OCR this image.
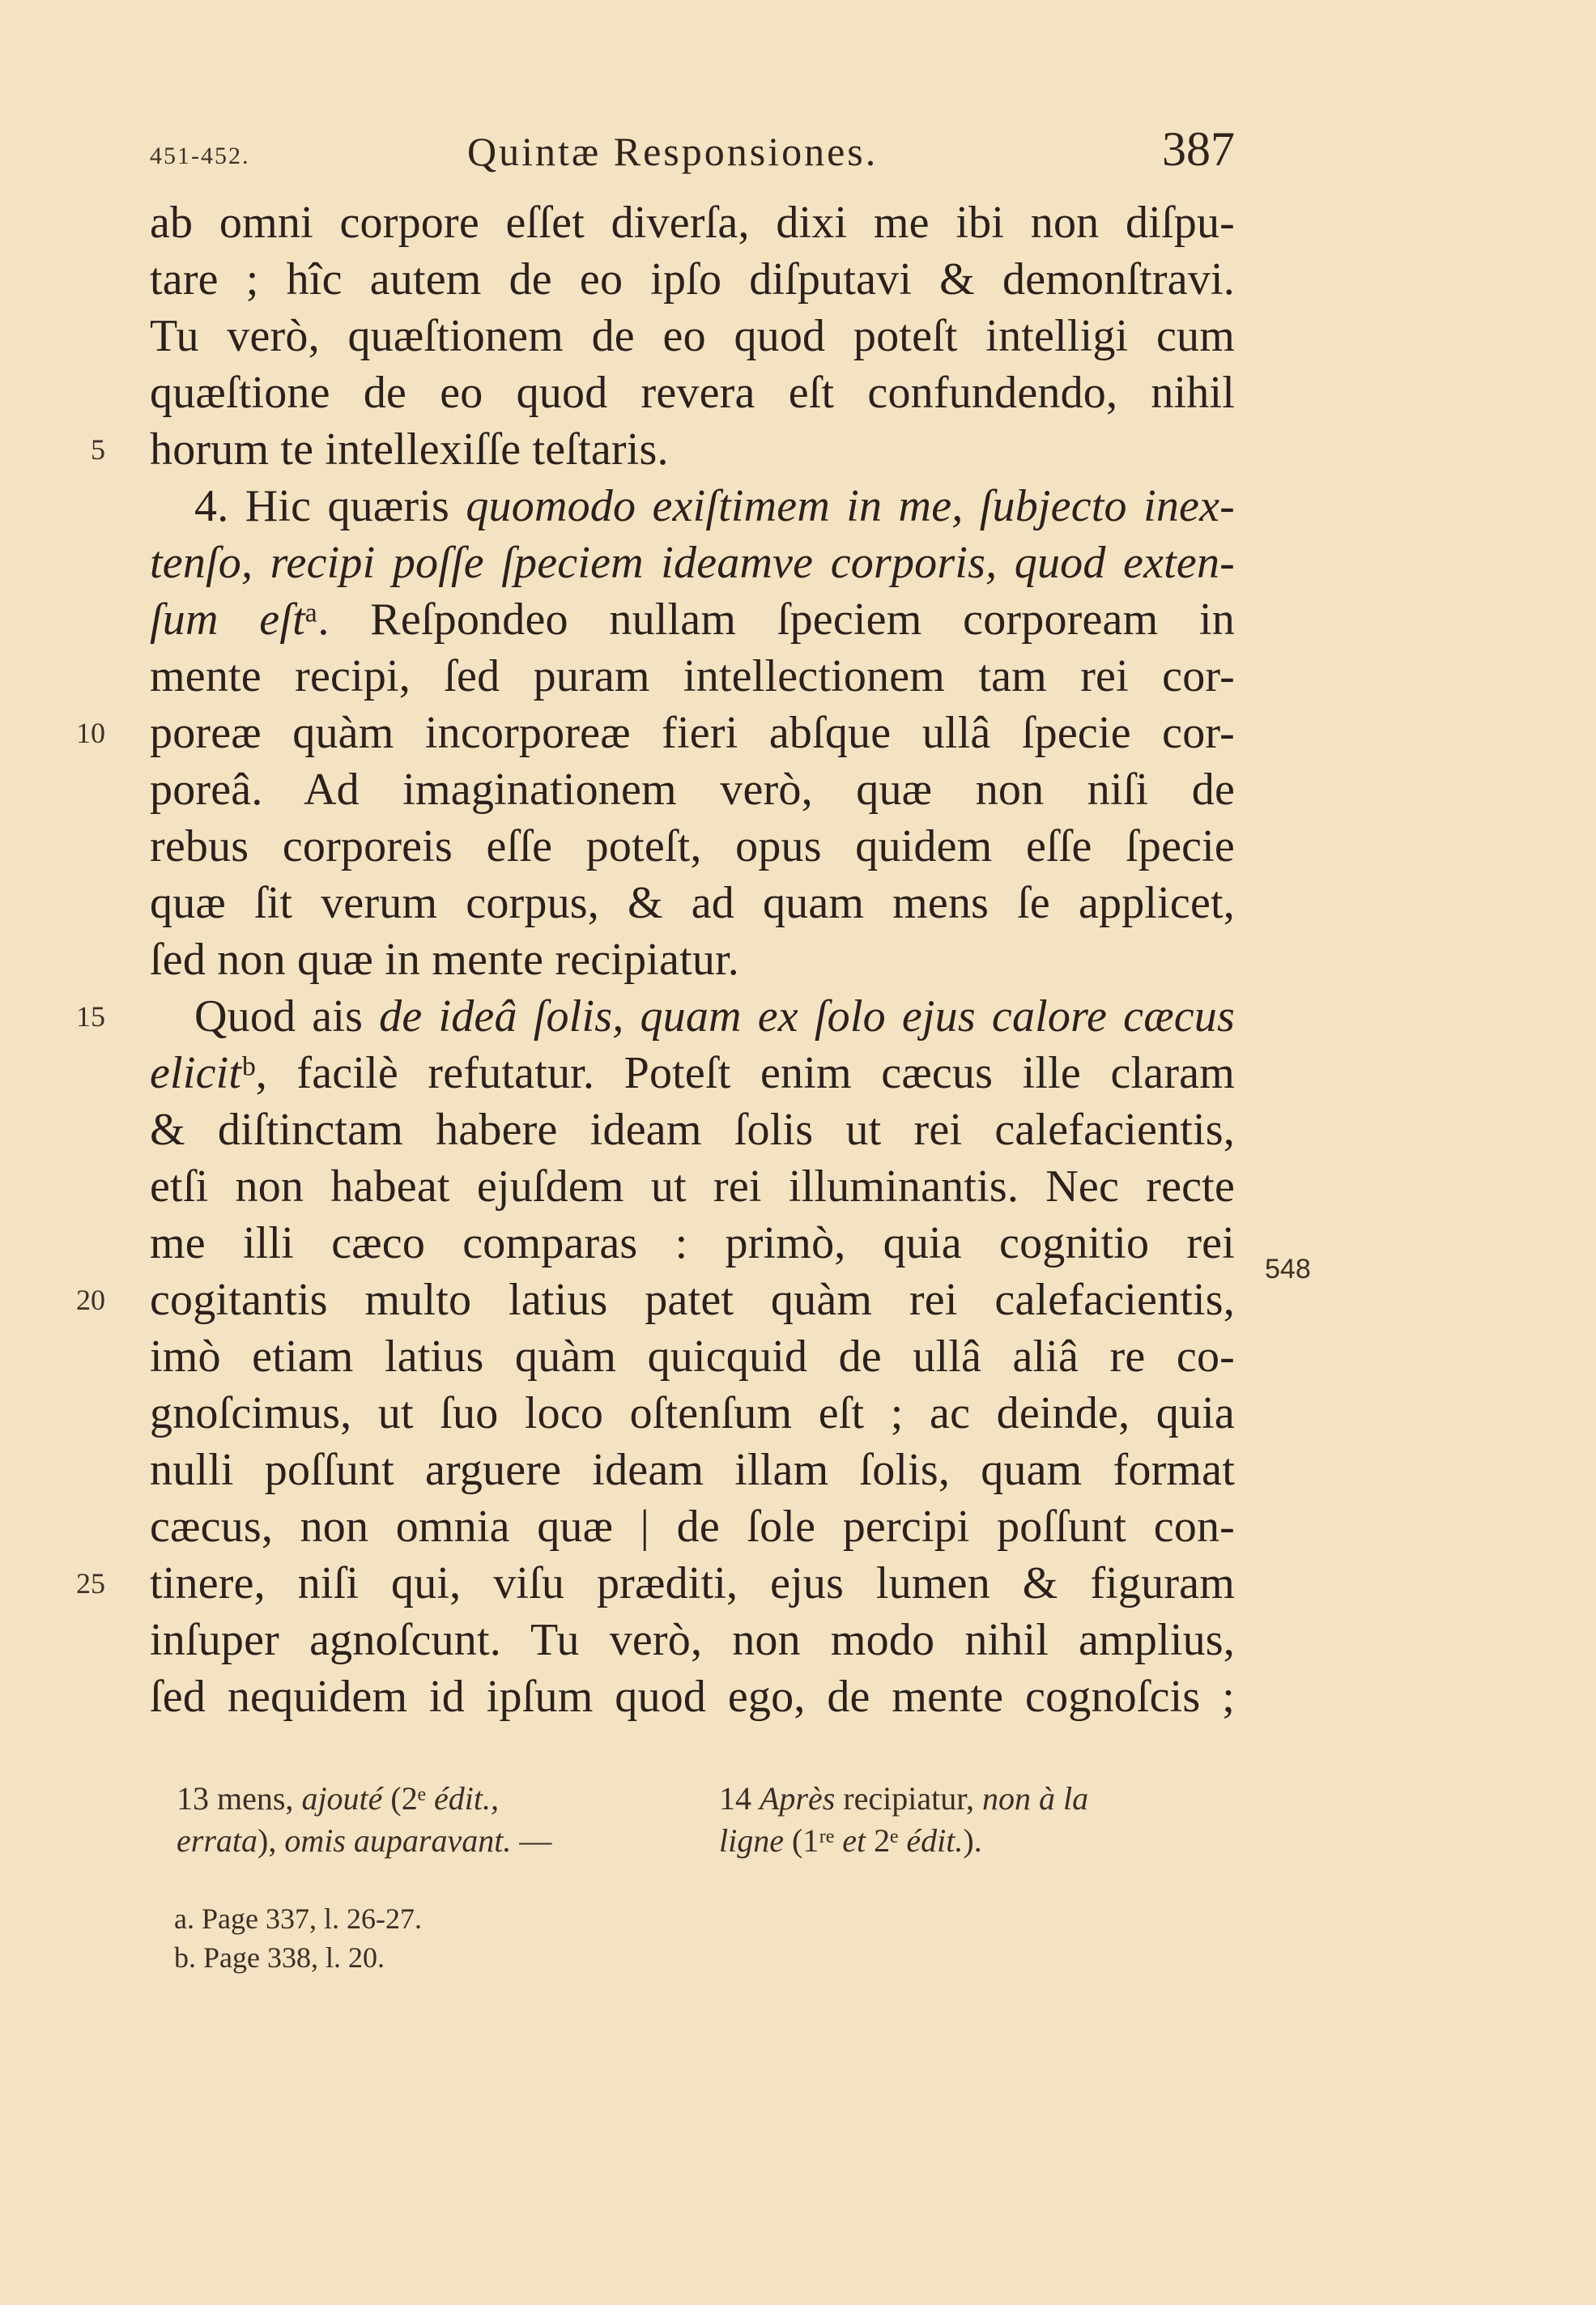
451-452.	Quintæ Responsiones.	387
ab omni corpore eſſet diverſa, dixi me ibi non diſpu-
tare ; hîc autem de eo ipſo diſputavi & demonſtravi.
Tu verò, quæſtionem de eo quod poteſt intelligi cum
quæſtione de eo quod revera eſt confundendo, nihil
horum te intellexiſſe teſtaris.
5
4. Hic quæris quomodo exiſtimem in me, ſubjecto inex-
tenſo, recipi poſſe ſpeciem ideamve corporis, quod exten-
ſum eſtᵃ. Reſpondeo nullam ſpeciem corpoream in
mente recipi, ſed puram intellectionem tam rei cor-
poreæ quàm incorporeæ fieri abſque ullâ ſpecie cor-
10
poreâ. Ad imaginationem verò, quæ non niſi de
rebus corporeis eſſe poteſt, opus quidem eſſe ſpecie
quæ ſit verum corpus, & ad quam mens ſe applicet,
ſed non quæ in mente recipiatur.
Quod ais de ideâ ſolis, quam ex ſolo ejus calore cæcus
15
elicitᵇ, facilè refutatur. Poteſt enim cæcus ille claram
& diſtinctam habere ideam ſolis ut rei calefacientis,
etſi non habeat ejuſdem ut rei illuminantis. Nec recte
me illi cæco comparas : primò, quia cognitio rei
cogitantis multo latius patet quàm rei calefacientis,
20
imò etiam latius quàm quicquid de ullâ aliâ re co-
gnoſcimus, ut ſuo loco oſtenſum eſt ; ac deinde, quia
nulli poſſunt arguere ideam illam ſolis, quam format
cæcus, non omnia quæ | de ſole percipi poſſunt con-
tinere, niſi qui, viſu præditi, ejus lumen & figuram
25
inſuper agnoſcunt. Tu verò, non modo nihil amplius,
ſed nequidem id ipſum quod ego, de mente cognoſcis ;
548
13 mens, ajouté (2ᵉ édit.,
errata), omis auparavant. —
14 Après recipiatur, non à la
ligne (1ʳᵉ et 2ᵉ édit.).
a. Page 337, l. 26-27.
b. Page 338, l. 20.
